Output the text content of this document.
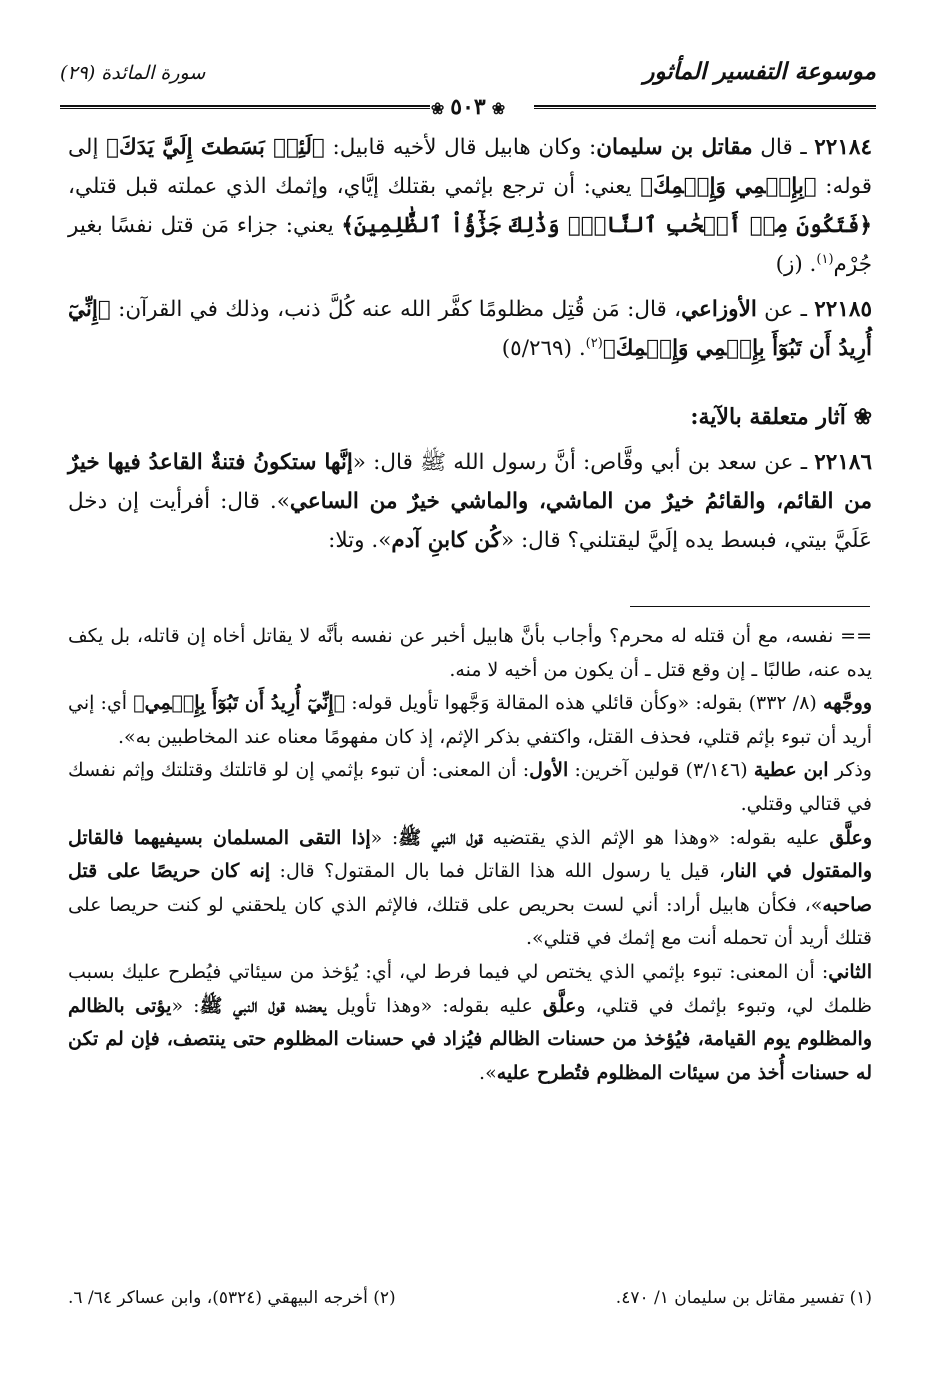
موسوعة التفسير المأثور
سورة المائدة (٢٩)
❀٥٠٣❀

٢٢١٨٤ ـ قال مقاتل بن سليمان: وكان هابيل قال لأخيه قابيل: ﴿لَئِنۢ بَسَطتَ إِلَيَّ يَدَكَ﴾ إلى قوله: ﴿بِإِثۡمِي وَإِثۡمِكَ﴾ يعني: أن ترجع بإثمي بقتلك إيَّاي، وإثمك الذي عملته قبل قتلي، ﴿فَتَكُونَ مِنۡ أَصۡحَٰبِ ٱلنَّارِۚ وَذَٰلِكَ جَزَٰٓؤُاْ ٱلظَّٰلِمِينَ﴾ يعني: جزاء مَن قتل نفسًا بغير جُرْم$^{(١)}$. (ز)

٢٢١٨٥ ـ عن الأوزاعي، قال: مَن قُتِل مظلومًا كفَّر الله عنه كُلَّ ذنب، وذلك في القرآن: ﴿إِنِّيٓ أُرِيدُ أَن تَبُوٓأَ بِإِثۡمِي وَإِثۡمِكَ﴾$^{(٢)}$. (٥/٢٦٩)

❀ آثار متعلقة بالآية:

٢٢١٨٦ ـ عن سعد بن أبي وقَّاص: أنَّ رسول الله ﷺ قال: «إنَّها ستكونُ فتنةٌ القاعدُ فيها خيرٌ من القائم، والقائمُ خيرٌ من الماشي، والماشي خيرٌ من الساعي». قال: أفرأيت إن دخل عَلَيَّ بيتي، فبسط يده إلَيَّ ليقتلني؟ قال: «كُن كابنِ آدم». وتلا:

== نفسه، مع أن قتله له محرم؟ وأجاب بأنَّ هابيل أخبر عن نفسه بأنَّه لا يقاتل أخاه إن قاتله، بل يكف يده عنه، طالبًا ـ إن وقع قتل ـ أن يكون من أخيه لا منه.

ووجَّهه (٨/ ٣٣٢) بقوله: «وكأن قائلي هذه المقالة وَجَّهوا تأويل قوله: ﴿إِنِّيٓ أُرِيدُ أَن تَبُوٓأَ بِإِثۡمِي﴾ أي: إني أريد أن تبوء بإثم قتلي، فحذف القتل، واكتفي بذكر الإثم، إذ كان مفهومًا معناه عند المخاطبين به».

وذكر ابن عطية (٣/١٤٦) قولين آخرين: الأول: أن المعنى: أن تبوء بإثمي إن لو قاتلتك وقتلتك وإثم نفسك في قتالي وقتلي.

وعلَّق عليه بقوله: «وهذا هو الإثم الذي يقتضيه قول النبي ﷺ: «إذا التقى المسلمان بسيفيهما فالقاتل والمقتول في النار، قيل يا رسول الله هذا القاتل فما بال المقتول؟ قال: إنه كان حريصًا على قتل صاحبه»، فكأن هابيل أراد: أني لست بحريص على قتلك، فالإثم الذي كان يلحقني لو كنت حريصا على قتلك أريد أن تحمله أنت مع إثمك في قتلي».

الثاني: أن المعنى: تبوء بإثمي الذي يختص لي فيما فرط لي، أي: يُؤخذ من سيئاتي فيُطرح عليك بسبب ظلمك لي، وتبوء بإثمك في قتلي، وعلَّق عليه بقوله: «وهذا تأويل يعضده قول النبي ﷺ: «يؤتى بالظالم والمظلوم يوم القيامة، فيُؤخذ من حسنات الظالم فيُزاد في حسنات المظلوم حتى ينتصف، فإن لم تكن له حسنات أُخذ من سيئات المظلوم فتُطرح عليه».

(١) تفسير مقاتل بن سليمان ١/ ٤٧٠.
(٢) أخرجه البيهقي (٥٣٢٤)، وابن عساكر ٦٤/ ٦.
